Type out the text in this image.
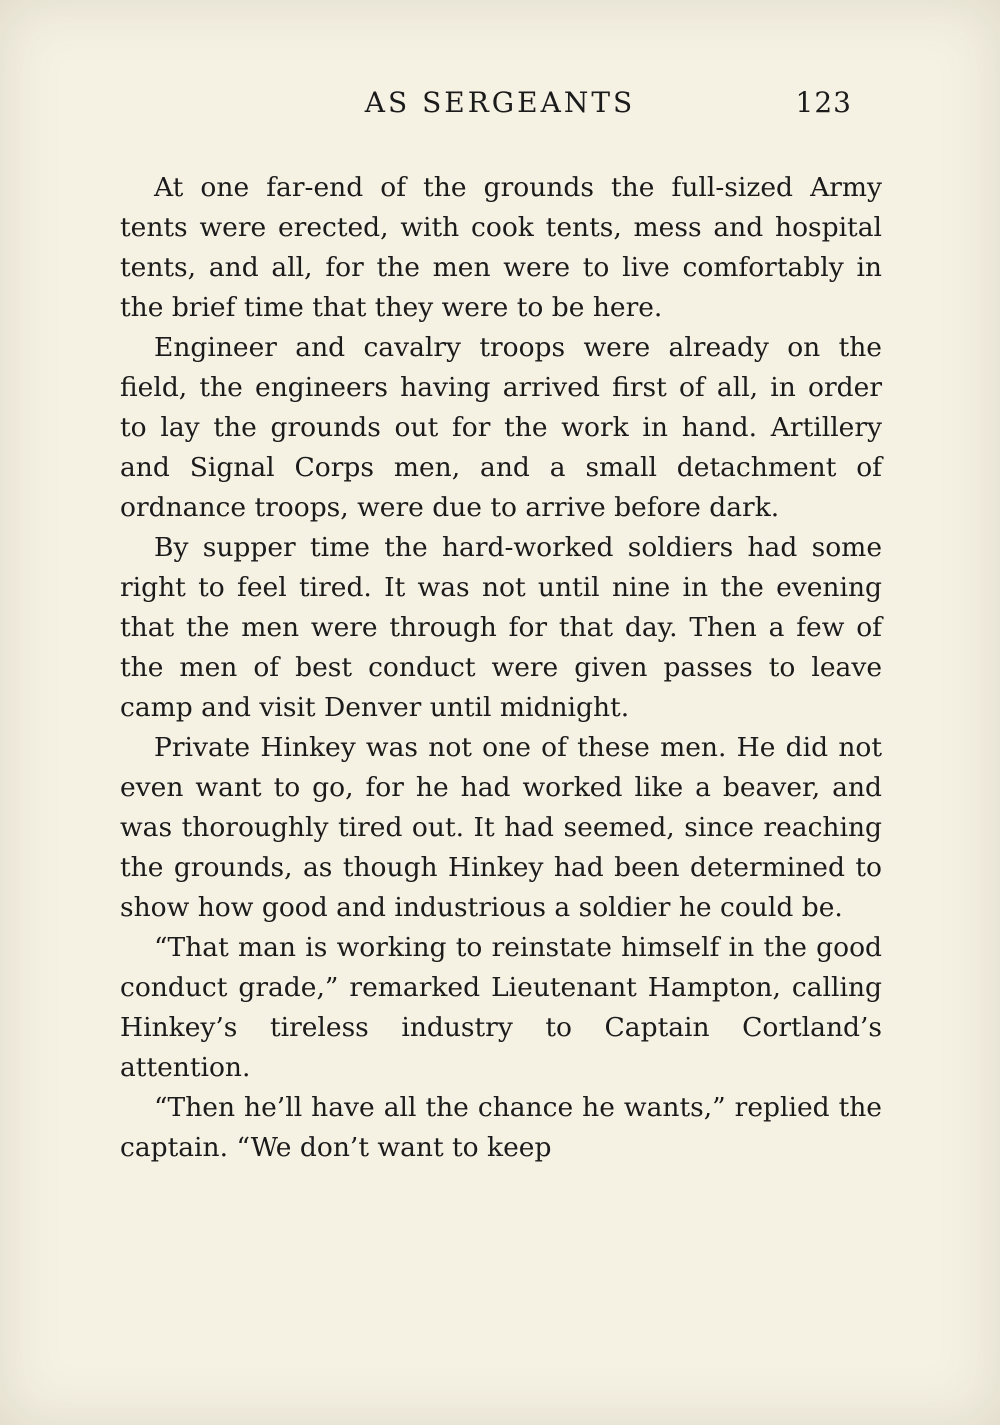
AS SERGEANTS	123

At one far-end of the grounds the full-sized Army tents were erected, with cook tents, mess and hospital tents, and all, for the men were to live comfortably in the brief time that they were to be here.

Engineer and cavalry troops were already on the field, the engineers having arrived first of all, in order to lay the grounds out for the work in hand. Artillery and Signal Corps men, and a small detachment of ordnance troops, were due to arrive before dark.

By supper time the hard-worked soldiers had some right to feel tired. It was not until nine in the evening that the men were through for that day. Then a few of the men of best conduct were given passes to leave camp and visit Denver until midnight.

Private Hinkey was not one of these men. He did not even want to go, for he had worked like a beaver, and was thoroughly tired out. It had seemed, since reaching the grounds, as though Hinkey had been determined to show how good and industrious a soldier he could be.

“That man is working to reinstate himself in the good conduct grade,” remarked Lieutenant Hampton, calling Hinkey’s tireless industry to Captain Cortland’s attention.

“Then he’ll have all the chance he wants,” replied the captain. “We don’t want to keep
